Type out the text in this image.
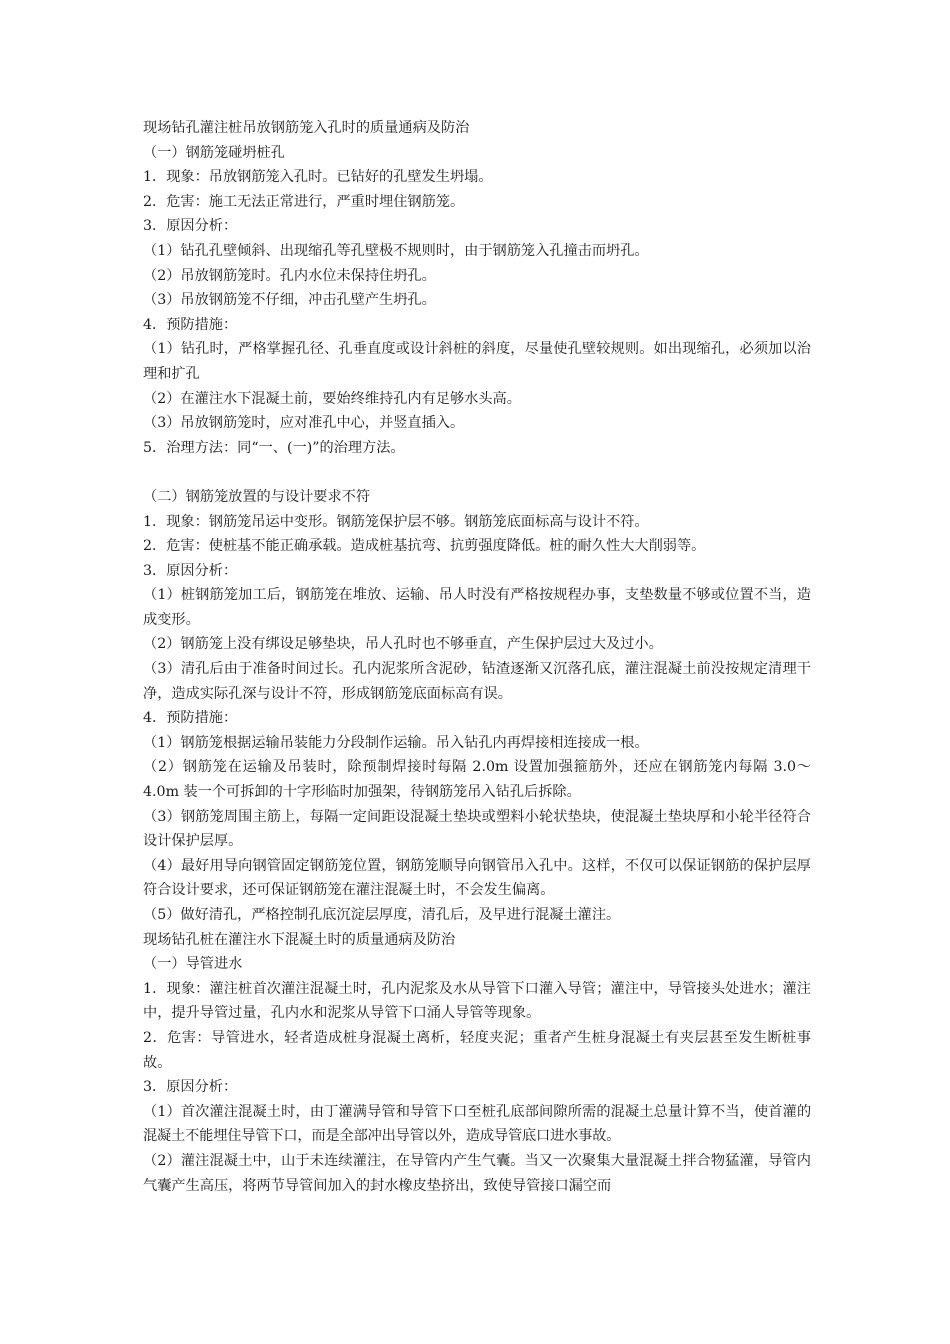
现场钻孔灌注桩吊放钢筋笼入孔时的质量通病及防治

（一）钢筋笼碰坍桩孔

1．现象：吊放钢筋笼入孔时。已钻好的孔壁发生坍塌。

2．危害：施工无法正常进行，严重时埋住钢筋笼。

3．原因分析：

（1）钻孔孔壁倾斜、出现缩孔等孔壁极不规则时，由于钢筋笼入孔撞击而坍孔。

（2）吊放钢筋笼时。孔内水位未保持住坍孔。

（3）吊放钢筋笼不仔细，冲击孔壁产生坍孔。

4．预防措施：

（1）钻孔时，严格掌握孔径、孔垂直度或设计斜桩的斜度，尽量使孔壁较规则。如出现缩孔，必须加以治理和扩孔

（2）在灌注水下混凝土前，要始终维持孔内有足够水头高。

（3）吊放钢筋笼时，应对准孔中心，并竖直插入。

5．治理方法：同“一、(一)”的治理方法。

（二）钢筋笼放置的与设计要求不符

1．现象：钢筋笼吊运中变形。钢筋笼保护层不够。钢筋笼底面标高与设计不符。

2．危害：使桩基不能正确承载。造成桩基抗弯、抗剪强度降低。桩的耐久性大大削弱等。

3．原因分析：

（1）桩钢筋笼加工后，钢筋笼在堆放、运输、吊人时没有严格按规程办事，支垫数量不够或位置不当，造成变形。

（2）钢筋笼上没有绑设足够垫块，吊人孔时也不够垂直，产生保护层过大及过小。

（3）清孔后由于准备时间过长。孔内泥浆所含泥砂，钻渣逐渐又沉落孔底，灌注混凝土前没按规定清理干净，造成实际孔深与设计不符，形成钢筋笼底面标高有误。

4．预防措施：

（1）钢筋笼根据运输吊装能力分段制作运输。吊入钻孔内再焊接相连接成一根。

（2）钢筋笼在运输及吊装时，除预制焊接时每隔 2.0m 设置加强箍筋外，还应在钢筋笼内每隔 3.0～4.0m 装一个可拆卸的十字形临时加强架，待钢筋笼吊入钻孔后拆除。

（3）钢筋笼周围主筋上，每隔一定间距设混凝土垫块或塑料小轮状垫块，使混凝土垫块厚和小轮半径符合设计保护层厚。

（4）最好用导向钢管固定钢筋笼位置，钢筋笼顺导向钢管吊入孔中。这样，不仅可以保证钢筋的保护层厚符合设计要求，还可保证钢筋笼在灌注混凝土时，不会发生偏离。

（5）做好清孔，严格控制孔底沉淀层厚度，清孔后，及早进行混凝土灌注。

现场钻孔桩在灌注水下混凝土时的质量通病及防治

（一）导管进水

1．现象：灌注桩首次灌注混凝土时，孔内泥浆及水从导管下口灌入导管；灌注中，导管接头处进水；灌注中，提升导管过量，孔内水和泥浆从导管下口涌人导管等现象。

2．危害：导管进水，轻者造成桩身混凝土离析，轻度夹泥；重者产生桩身混凝土有夹层甚至发生断桩事故。

3．原因分析：

（1）首次灌注混凝土时，由丁灌满导管和导管下口至桩孔底部间隙所需的混凝土总量计算不当，使首灌的混凝土不能埋住导管下口，而是全部冲出导管以外，造成导管底口进水事故。

（2）灌注混凝土中，山于未连续灌注，在导管内产生气囊。当又一次聚集大量混凝土拌合物猛灌，导管内气囊产生高压，将两节导管间加入的封水橡皮垫挤出，致使导管接口漏空而
